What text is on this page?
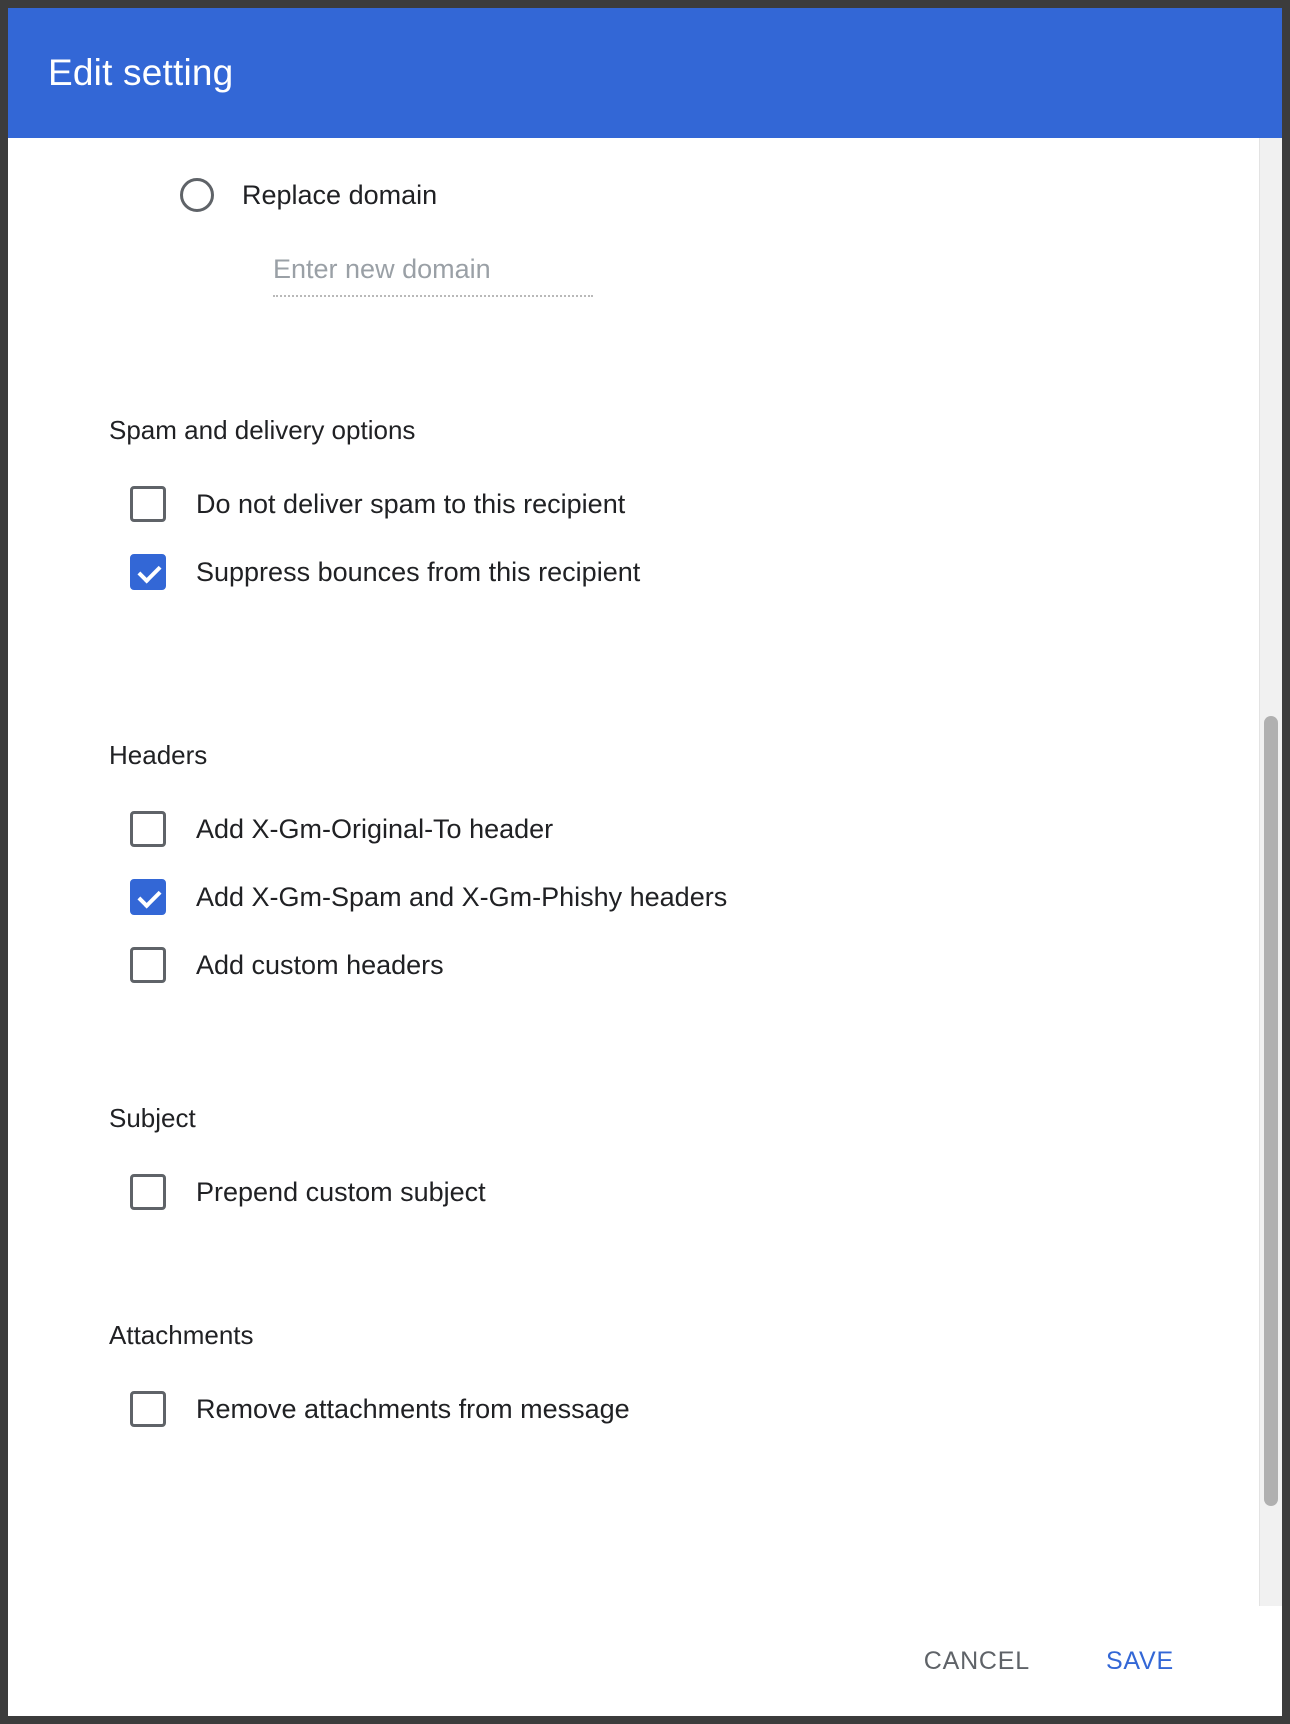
Edit setting
Replace domain
Enter new domain
Spam and delivery options
Do not deliver spam to this recipient
Suppress bounces from this recipient
Headers
Add X-Gm-Original-To header
Add X-Gm-Spam and X-Gm-Phishy headers
Add custom headers
Subject
Prepend custom subject
Attachments
Remove attachments from message
CANCEL	SAVE
